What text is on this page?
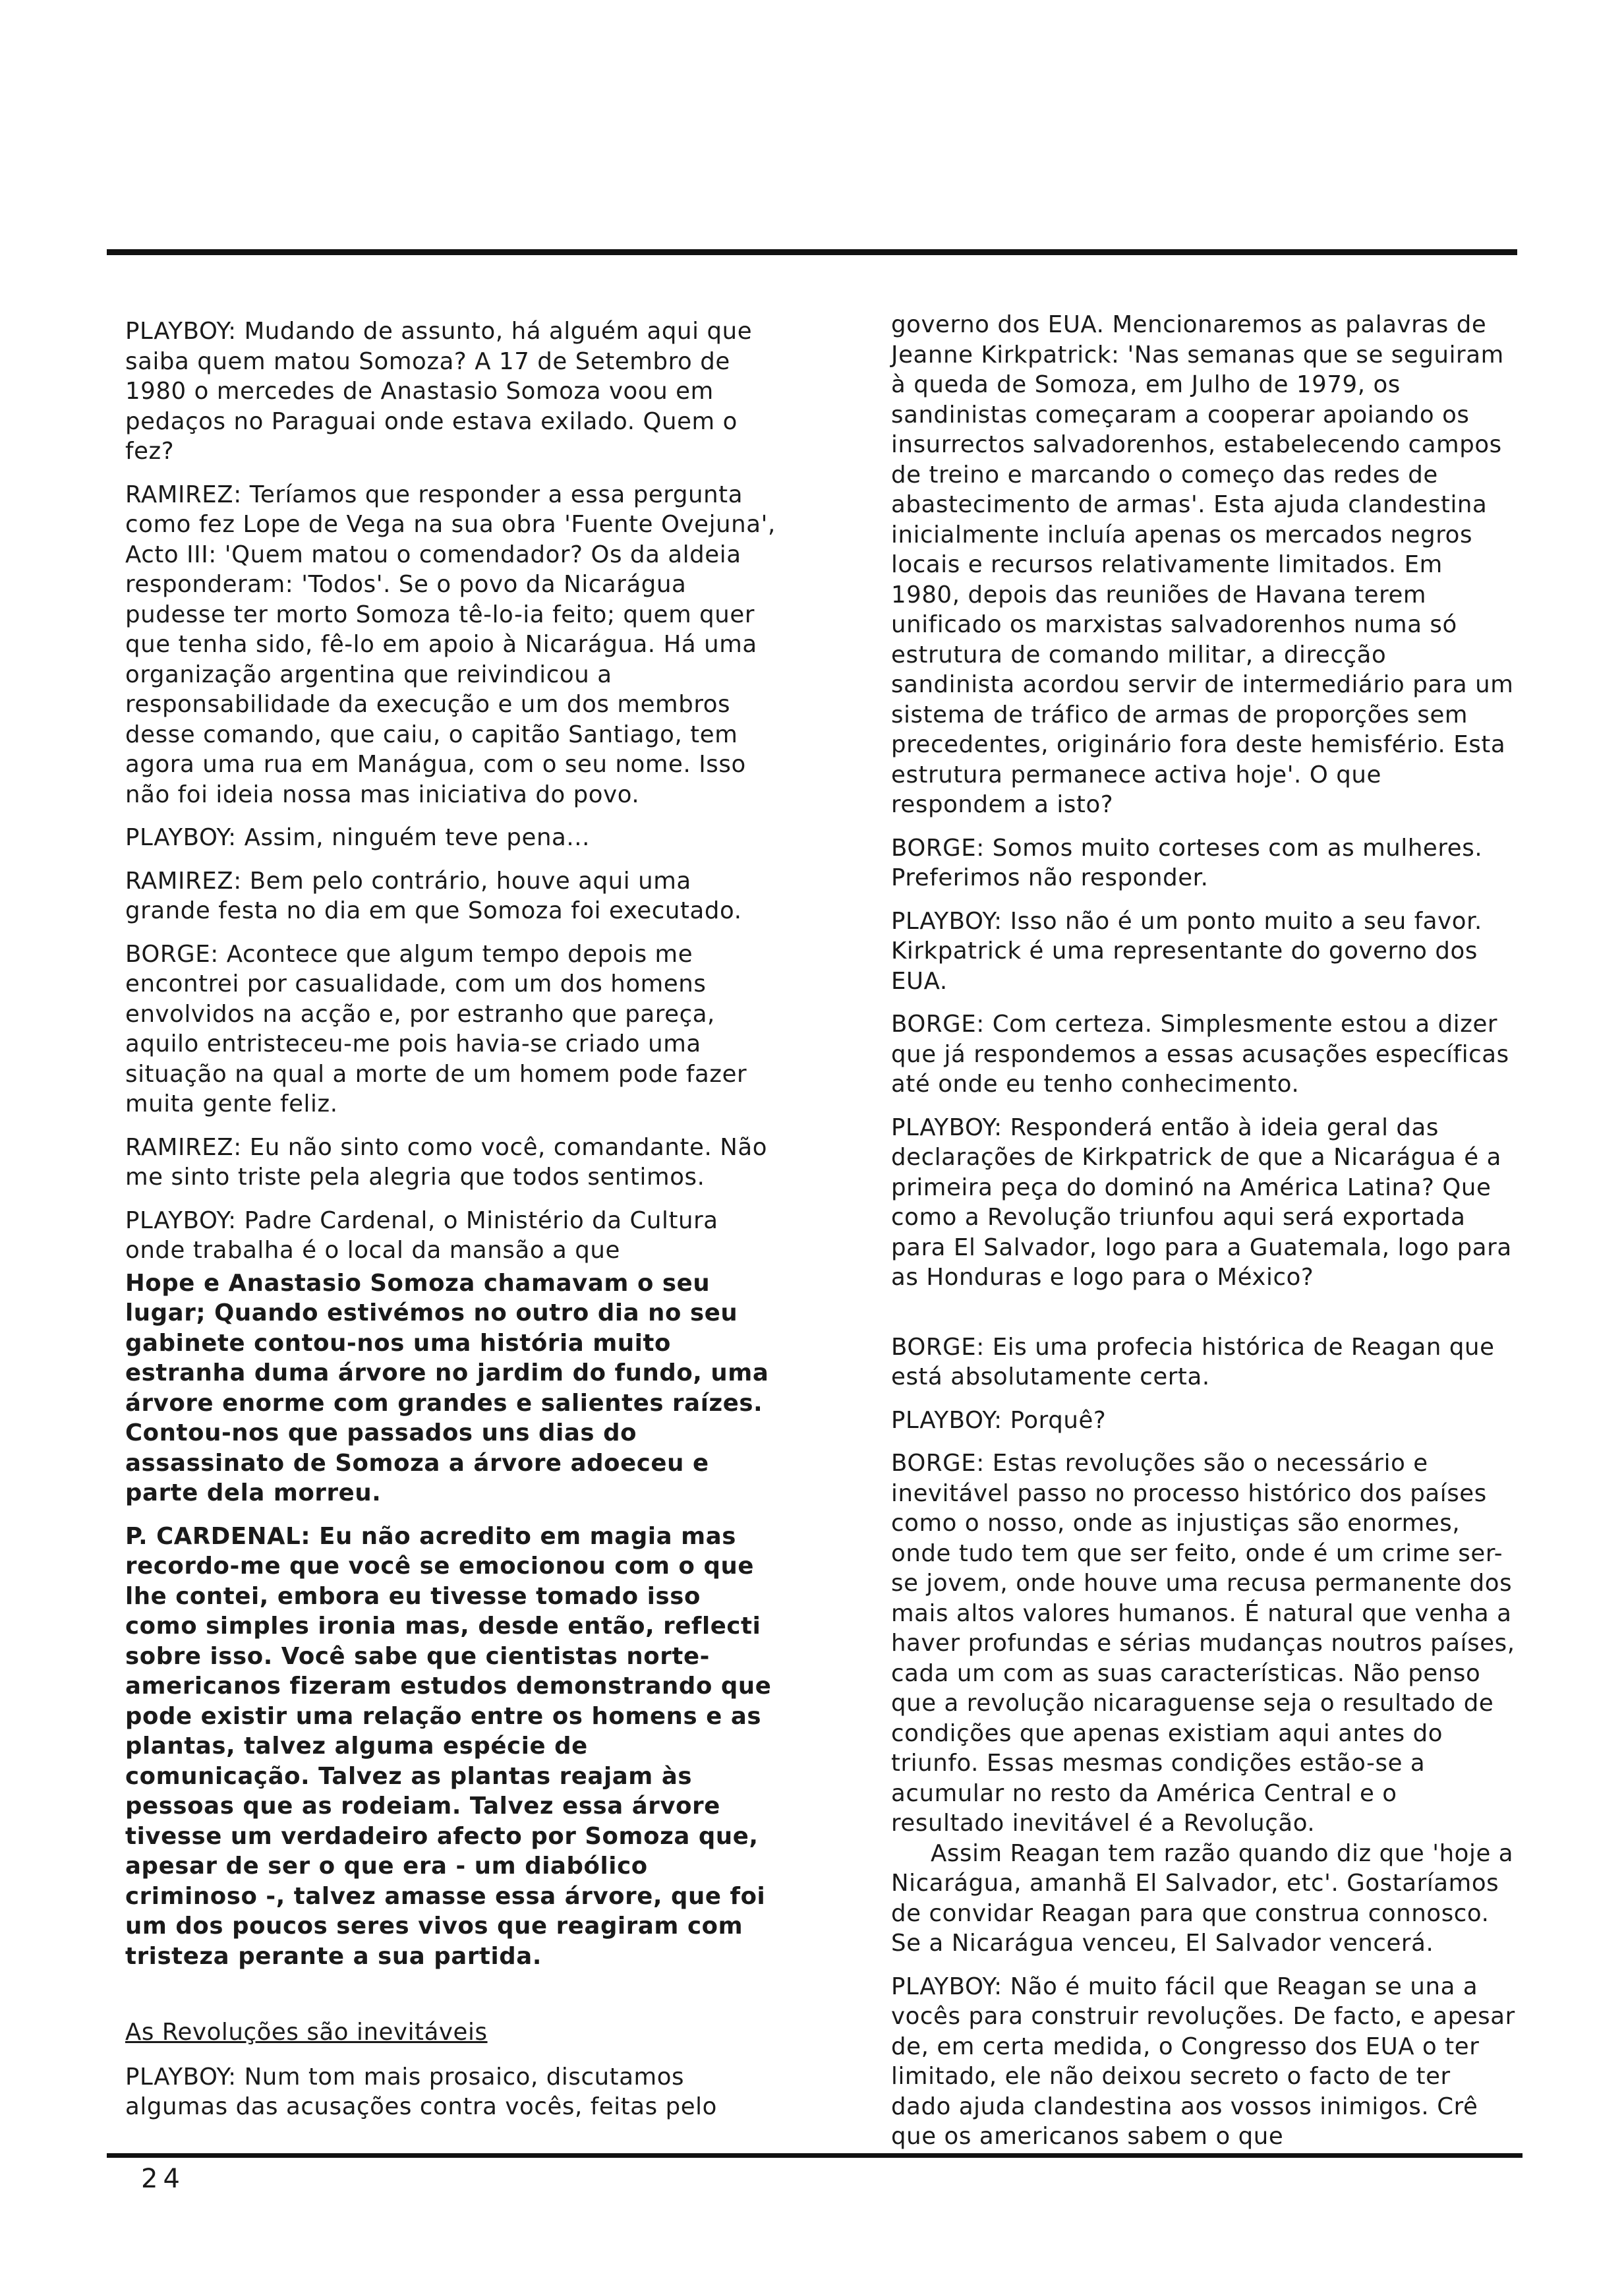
PLAYBOY: Mudando de assunto, há alguém aqui que saiba quem matou Somoza? A 17 de Setembro de 1980 o mercedes de Anastasio Somoza voou em pedaços no Paraguai onde estava exilado. Quem o fez?

RAMIREZ: Teríamos que responder a essa pergunta como fez Lope de Vega na sua obra 'Fuente Ovejuna', Acto III: 'Quem matou o comendador? Os da aldeia responderam: 'Todos'. Se o povo da Nicarágua pudesse ter morto Somoza tê-lo-ia feito; quem quer que tenha sido, fê-lo em apoio à Nicarágua. Há uma organização argentina que reivindicou a responsabilidade da execução e um dos membros desse comando, que caiu, o capitão Santiago, tem agora uma rua em Manágua, com o seu nome. Isso não foi ideia nossa mas iniciativa do povo.

PLAYBOY: Assim, ninguém teve pena...

RAMIREZ: Bem pelo contrário, houve aqui uma grande festa no dia em que Somoza foi executado.

BORGE: Acontece que algum tempo depois me encontrei por casualidade, com um dos homens envolvidos na acção e, por estranho que pareça, aquilo entristeceu-me pois havia-se criado uma situação na qual a morte de um homem pode fazer muita gente feliz.

RAMIREZ: Eu não sinto como você, comandante. Não me sinto triste pela alegria que todos sentimos.

PLAYBOY: Padre Cardenal, o Ministério da Cultura onde trabalha é o local da mansão a que

Hope e Anastasio Somoza chamavam o seu lugar; Quando estivémos no outro dia no seu gabinete contou-nos uma história muito estranha duma árvore no jardim do fundo, uma árvore enorme com grandes e salientes raízes. Contou-nos que passados uns dias do assassinato de Somoza a árvore adoeceu e parte dela morreu.

P. CARDENAL: Eu não acredito em magia mas recordo-me que você se emocionou com o que lhe contei, embora eu tivesse tomado isso como simples ironia mas, desde então, reflecti sobre isso. Você sabe que cientistas norte-americanos fizeram estudos demonstrando que pode existir uma relação entre os homens e as plantas, talvez alguma espécie de comunicação. Talvez as plantas reajam às pessoas que as rodeiam. Talvez essa árvore tivesse um verdadeiro afecto por Somoza que, apesar de ser o que era - um diabólico criminoso -, talvez amasse essa árvore, que foi um dos poucos seres vivos que reagiram com tristeza perante a sua partida.

As Revoluções são inevitáveis

PLAYBOY: Num tom mais prosaico, discutamos algumas das acusações contra vocês, feitas pelo

governo dos EUA. Mencionaremos as palavras de Jeanne Kirkpatrick: 'Nas semanas que se seguiram à queda de Somoza, em Julho de 1979, os sandinistas começaram a cooperar apoiando os insurrectos salvadorenhos, estabelecendo campos de treino e marcando o começo das redes de abastecimento de armas'. Esta ajuda clandestina inicialmente incluía apenas os mercados negros locais e recursos relativamente limitados. Em 1980, depois das reuniões de Havana terem unificado os marxistas salvadorenhos numa só estrutura de comando militar, a direcção sandinista acordou servir de intermediário para um sistema de tráfico de armas de proporções sem precedentes, originário fora deste hemisfério. Esta estrutura permanece activa hoje'. O que respondem a isto?

BORGE: Somos muito corteses com as mulheres. Preferimos não responder.

PLAYBOY: Isso não é um ponto muito a seu favor. Kirkpatrick é uma representante do governo dos EUA.

BORGE: Com certeza. Simplesmente estou a dizer que já respondemos a essas acusações específicas até onde eu tenho conhecimento.

PLAYBOY: Responderá então à ideia geral das declarações de Kirkpatrick de que a Nicarágua é a primeira peça do dominó na América Latina? Que como a Revolução triunfou aqui será exportada para El Salvador, logo para a Guatemala, logo para as Honduras e logo para o México?

BORGE: Eis uma profecia histórica de Reagan que está absolutamente certa.

PLAYBOY: Porquê?

BORGE: Estas revoluções são o necessário e inevitável passo no processo histórico dos países como o nosso, onde as injustiças são enormes, onde tudo tem que ser feito, onde é um crime ser-se jovem, onde houve uma recusa permanente dos mais altos valores humanos. É natural que venha a haver profundas e sérias mudanças noutros países, cada um com as suas características. Não penso que a revolução nicaraguense seja o resultado de condições que apenas existiam aqui antes do triunfo. Essas mesmas condições estão-se a acumular no resto da América Central e o resultado inevitável é a Revolução.

Assim Reagan tem razão quando diz que 'hoje a Nicarágua, amanhã El Salvador, etc'. Gostaríamos de convidar Reagan para que construa connosco. Se a Nicarágua venceu, El Salvador vencerá.

PLAYBOY: Não é muito fácil que Reagan se una a vocês para construir revoluções. De facto, e apesar de, em certa medida, o Congresso dos EUA o ter limitado, ele não deixou secreto o facto de ter dado ajuda clandestina aos vossos inimigos. Crê que os americanos sabem o que

24
